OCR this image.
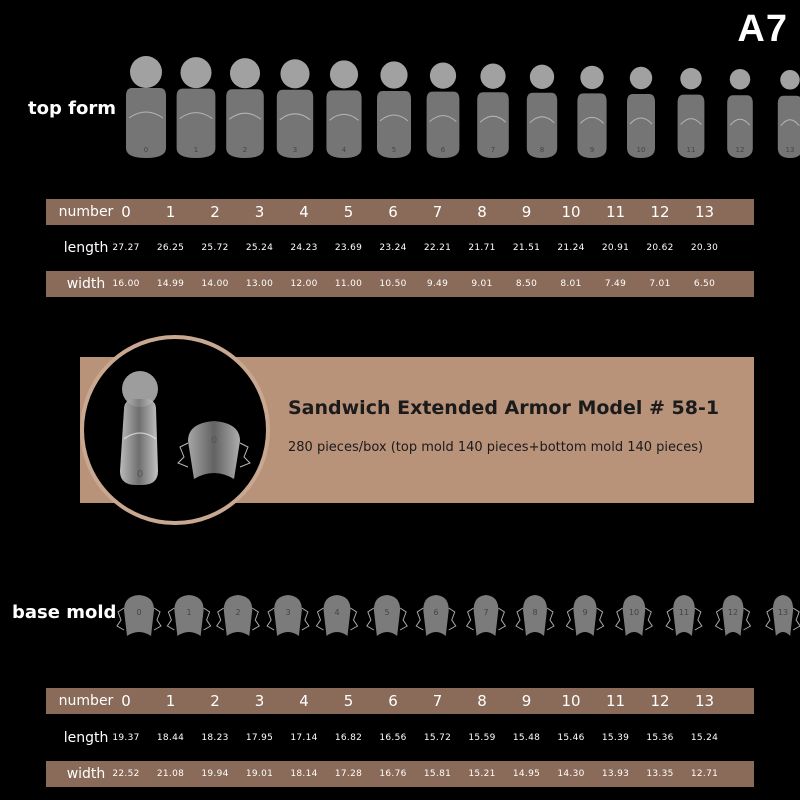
A7
top form
0	1	2	3	4	5	6	7	8	9	10	11	12	13
number 0	1	2	3	4	5	6	7	8	9	10	11	12	13
length 27.27	26.25	25.72	25.24	24.23	23.69	23.24	22.21	21.71	21.51	21.24	20.91	20.62	20.30
width 16.00	14.99	14.00	13.00	12.00	11.00	10.50	9.49	9.01	8.50	8.01	7.49	7.01	6.50
0
0
Sandwich Extended Armor Model # 58-1
280 pieces/box (top mold 140 pieces+bottom mold 140 pieces)
base mold	0	1	2	3	4	5	6	7	8	9	10	11	12	13
number 0	1	2	3	4	5	6	7	8	9	10	11	12	13
length 19.37	18.44	18.23	17.95	17.14	16.82	16.56	15.72	15.59	15.48	15.46	15.39	15.36	15.24
width 22.52	21.08	19.94	19.01	18.14	17.28	16.76	15.81	15.21	14.95	14.30	13.93	13.35	12.71
